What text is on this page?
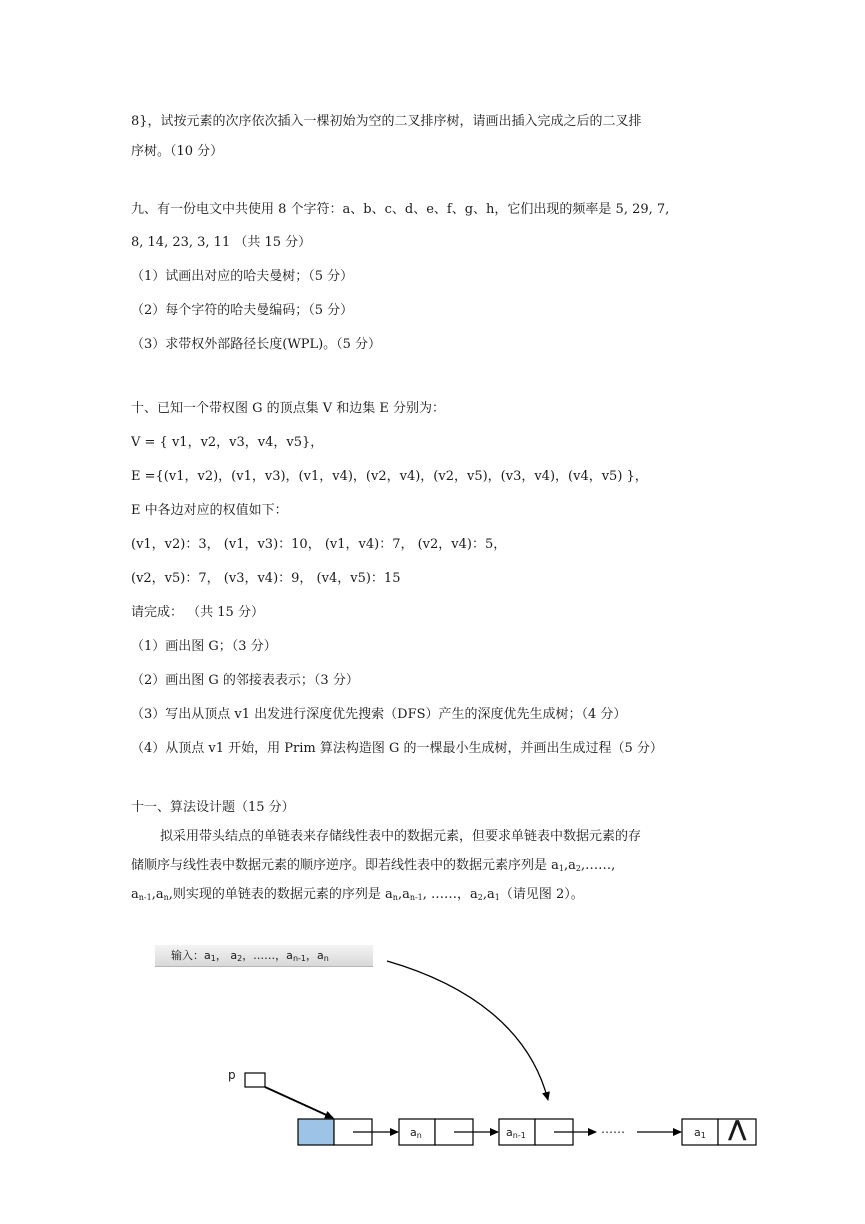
8}，试按元素的次序依次插入一棵初始为空的二叉排序树，请画出插入完成之后的二叉排
序树。（10 分）
九、有一份电文中共使用 8 个字符：a、b、c、d、e、f、g、h，它们出现的频率是 5, 29, 7,
8, 14, 23, 3, 11 （共 15 分）
（1）试画出对应的哈夫曼树；（5 分）
（2）每个字符的哈夫曼编码；（5 分）
（3）求带权外部路径长度(WPL)。（5 分）
十、已知一个带权图 G 的顶点集 V 和边集 E 分别为：
V = { v1，v2，v3，v4，v5}，
E ={(v1，v2)，(v1，v3)，(v1，v4)，(v2，v4)，(v2，v5)，(v3，v4)，(v4，v5) }，
E 中各边对应的权值如下：
(v1，v2)：3， (v1，v3)：10， (v1，v4)：7， (v2，v4)：5，
(v2，v5)：7， (v3，v4)：9， (v4，v5)：15
请完成： （共 15 分）
（1）画出图 G；（3 分）
（2）画出图 G 的邻接表表示；（3 分）
（3）写出从顶点 v1 出发进行深度优先搜索（DFS）产生的深度优先生成树；（4 分）
（4）从顶点 v1 开始，用 Prim 算法构造图 G 的一棵最小生成树，并画出生成过程（5 分）
十一、算法设计题（15 分）
拟采用带头结点的单链表来存储线性表中的数据元素，但要求单链表中数据元素的存
储顺序与线性表中数据元素的顺序逆序。即若线性表中的数据元素序列是 $a_1,a_2,\dots\dots$,
$a_{n-1},a_n$,则实现的单链表的数据元素的序列是 $a_n,a_{n-1}$, ……，$a_2,a_1$（请见图 2）。
输入：$a_1$， $a_2$，……，$a_{n-1}$，$a_n$
p
$a_n$	$a_{n-1}$	……	$a_1$ ⋀
